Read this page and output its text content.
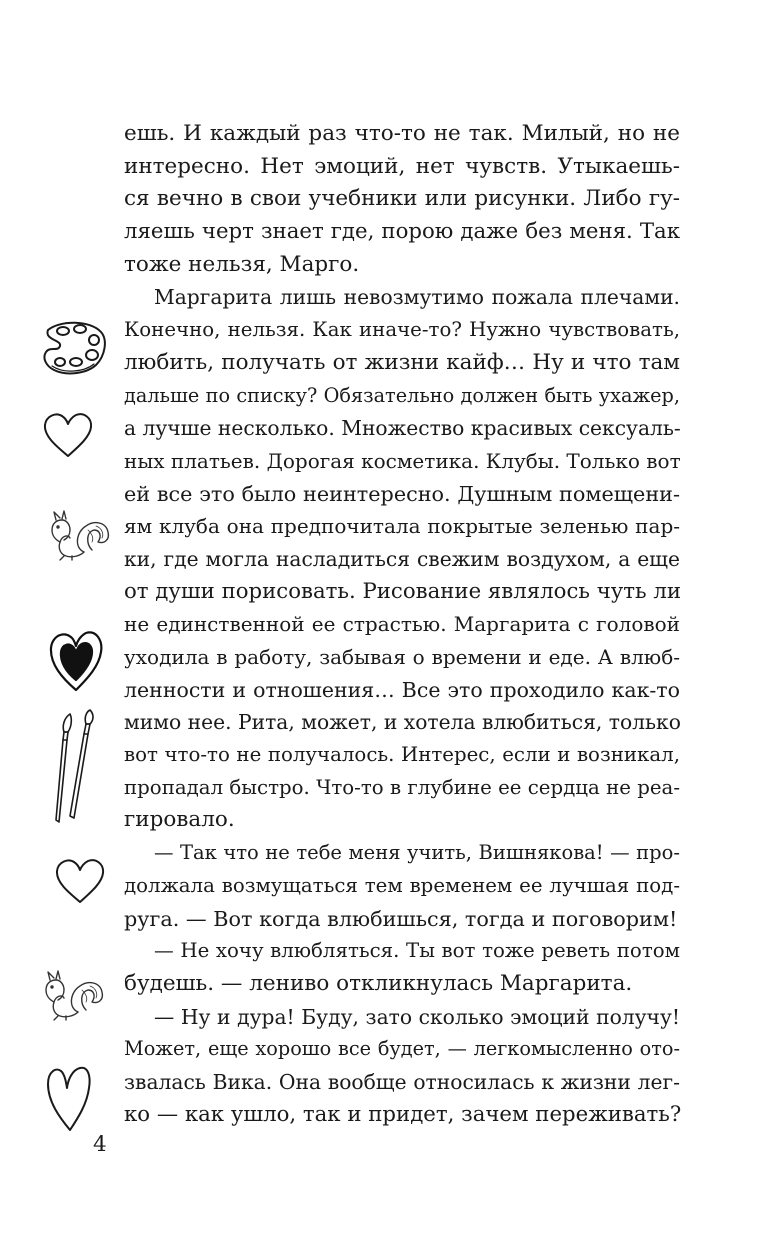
ешь. И каждый раз что-то не так. Милый, но не
интересно. Нет эмоций, нет чувств. Утыкаешь-
ся вечно в свои учебники или рисунки. Либо гу-
ляешь черт знает где, порою даже без меня. Так
тоже нельзя, Марго.
Маргарита лишь невозмутимо пожала плечами.
Конечно, нельзя. Как иначе-то? Нужно чувствовать,
любить, получать от жизни кайф… Ну и что там
дальше по списку? Обязательно должен быть ухажер,
а лучше несколько. Множество красивых сексуаль-
ных платьев. Дорогая косметика. Клубы. Только вот
ей все это было неинтересно. Душным помещени-
ям клуба она предпочитала покрытые зеленью пар-
ки, где могла насладиться свежим воздухом, а еще
от души порисовать. Рисование являлось чуть ли
не единственной ее страстью. Маргарита с головой
уходила в работу, забывая о времени и еде. А влюб-
ленности и отношения… Все это проходило как-то
мимо нее. Рита, может, и хотела влюбиться, только
вот что-то не получалось. Интерес, если и возникал,
пропадал быстро. Что-то в глубине ее сердца не реа-
гировало.
— Так что не тебе меня учить, Вишнякова! — про-
должала возмущаться тем временем ее лучшая под-
руга. — Вот когда влюбишься, тогда и поговорим!
— Не хочу влюбляться. Ты вот тоже реветь потом
будешь. — лениво откликнулась Маргарита.
— Ну и дура! Буду, зато сколько эмоций получу!
Может, еще хорошо все будет, — легкомысленно ото-
звалась Вика. Она вообще относилась к жизни лег-
ко — как ушло, так и придет, зачем переживать?
4
